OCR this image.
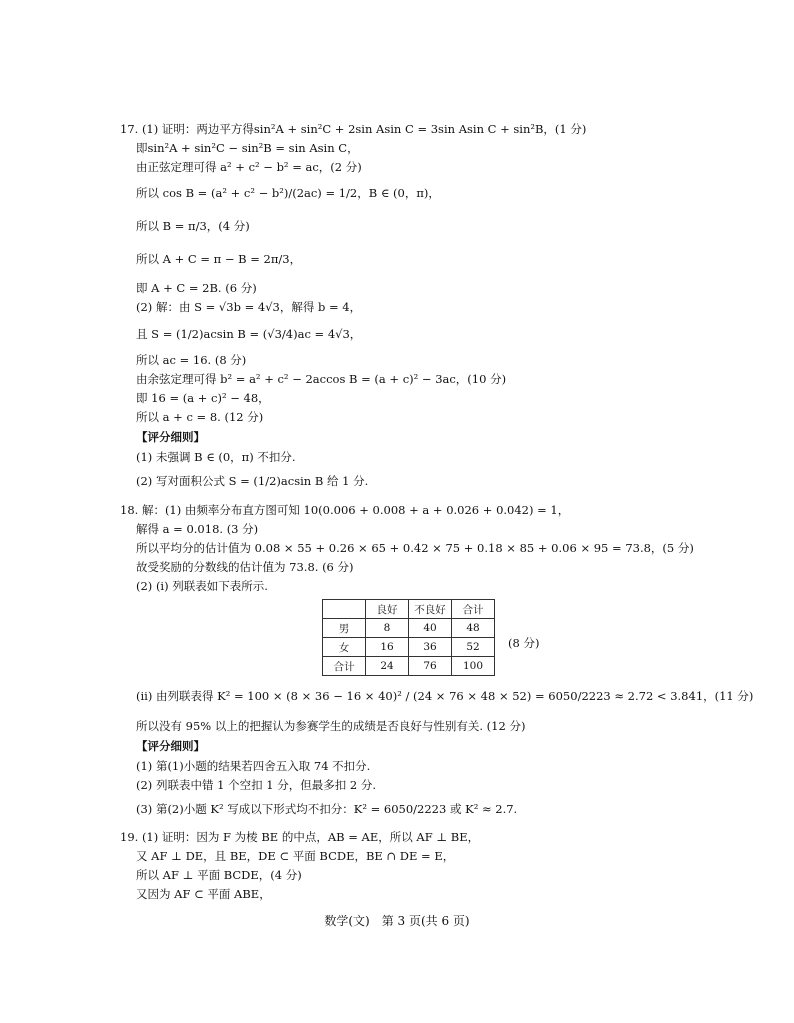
17. (1) 证明：两边平方得sin²A + sin²C + 2sin Asin C = 3sin Asin C + sin²B，(1 分)
即sin²A + sin²C − sin²B = sin Asin C，
由正弦定理可得 a² + c² − b² = ac，(2 分)
所以 cos B = (a² + c² − b²)/(2ac) = 1/2，B ∈ (0，π)，
所以 B = π/3，(4 分)
所以 A + C = π − B = 2π/3，
即 A + C = 2B. (6 分)
(2) 解：由 S = √3b = 4√3，解得 b = 4，
且 S = (1/2)acsin B = (√3/4)ac = 4√3，
所以 ac = 16. (8 分)
由余弦定理可得 b² = a² + c² − 2accos B = (a + c)² − 3ac，(10 分)
即 16 = (a + c)² − 48，
所以 a + c = 8. (12 分)
【评分细则】
(1) 未强调 B ∈ (0，π) 不扣分.
(2) 写对面积公式 S = (1/2)acsin B 给 1 分.
18. 解：(1) 由频率分布直方图可知 10(0.006 + 0.008 + a + 0.026 + 0.042) = 1，
解得 a = 0.018. (3 分)
所以平均分的估计值为 0.08 × 55 + 0.26 × 65 + 0.42 × 75 + 0.18 × 85 + 0.06 × 95 = 73.8，(5 分)
故受奖励的分数线的估计值为 73.8. (6 分)
(2) (ⅰ) 列联表如下表所示.
	良好	不良好	合计
男	8	40	48
女	16	36	52
合计	24	76	100
(8 分)
(ⅱ) 由列联表得 K² = 100 × (8 × 36 − 16 × 40)² / (24 × 76 × 48 × 52) = 6050/2223 ≈ 2.72 < 3.841，(11 分)
所以没有 95% 以上的把握认为参赛学生的成绩是否良好与性别有关. (12 分)
【评分细则】
(1) 第(1)小题的结果若四舍五入取 74 不扣分.
(2) 列联表中错 1 个空扣 1 分，但最多扣 2 分.
(3) 第(2)小题 K² 写成以下形式均不扣分：K² = 6050/2223 或 K² ≈ 2.7.
19. (1) 证明：因为 F 为棱 BE 的中点，AB = AE，所以 AF ⊥ BE，
又 AF ⊥ DE，且 BE，DE ⊂ 平面 BCDE，BE ∩ DE = E，
所以 AF ⊥ 平面 BCDE，(4 分)
又因为 AF ⊂ 平面 ABE，
数学(文)　第 3 页(共 6 页)
